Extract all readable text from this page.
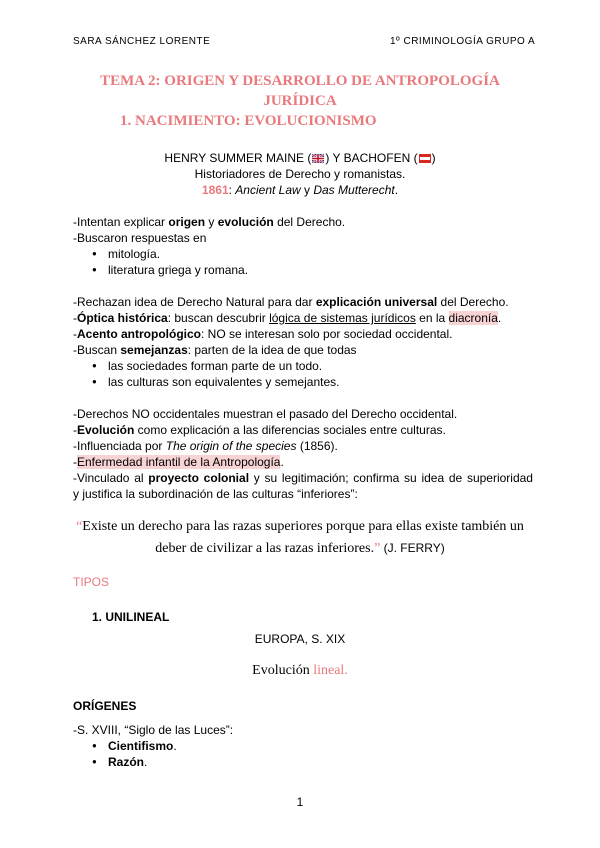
SARA SÁNCHEZ LORENTE	1º CRIMINOLOGÍA GRUPO A
TEMA 2: ORIGEN Y DESARROLLO DE ANTROPOLOGÍA
JURÍDICA
1. NACIMIENTO: EVOLUCIONISMO
HENRY SUMMER MAINE ( ) Y BACHOFEN ( )
Historiadores de Derecho y romanistas.
1861: Ancient Law y Das Mutterecht.
-Intentan explicar origen y evolución del Derecho.
-Buscaron respuestas en
● mitología.
● literatura griega y romana.
-Rechazan idea de Derecho Natural para dar explicación universal del Derecho.
-Óptica histórica: buscan descubrir lógica de sistemas jurídicos en la diacronía.
-Acento antropológico: NO se interesan solo por sociedad occidental.
-Buscan semejanzas: parten de la idea de que todas
● las sociedades forman parte de un todo.
● las culturas son equivalentes y semejantes.
-Derechos NO occidentales muestran el pasado del Derecho occidental.
-Evolución como explicación a las diferencias sociales entre culturas.
-Influenciada por The origin of the species (1856).
-Enfermedad infantil de la Antropología.
-Vinculado al proyecto colonial y su legitimación; confirma su idea de superioridad
y justifica la subordinación de las culturas “inferiores”:
“Existe un derecho para las razas superiores porque para ellas existe también un
deber de civilizar a las razas inferiores.” (J. FERRY)
TIPOS
1. UNILINEAL
EUROPA, S. XIX
Evolución lineal.
ORÍGENES
-S. XVIII, “Siglo de las Luces”:
● Cientifismo.
● Razón.
1
